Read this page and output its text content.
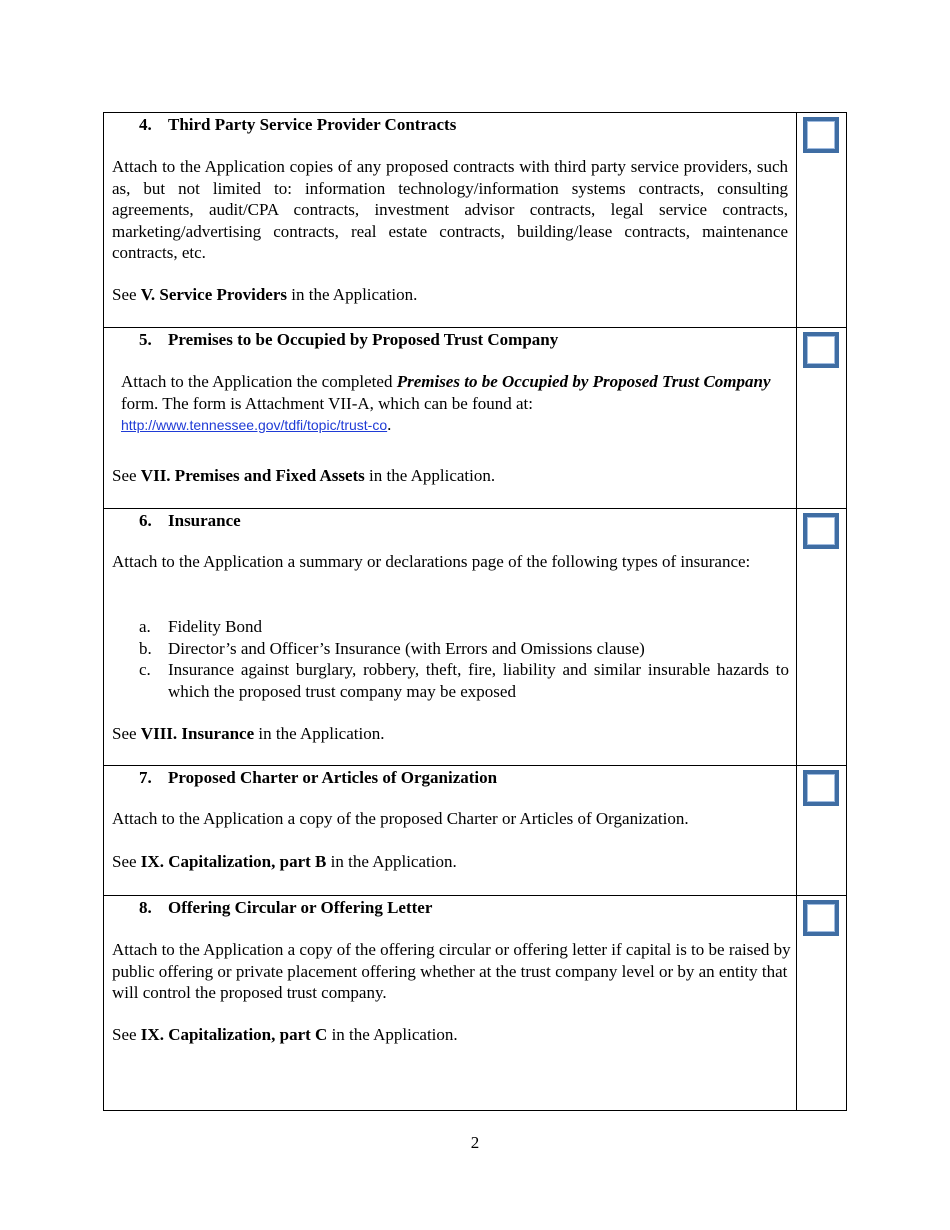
4. Third Party Service Provider Contracts

Attach to the Application copies of any proposed contracts with third party service providers, such as, but not limited to: information technology/information systems contracts, consulting agreements, audit/CPA contracts, investment advisor contracts, legal service contracts, marketing/advertising contracts, real estate contracts, building/lease contracts, maintenance contracts, etc.

See V. Service Providers in the Application.

5. Premises to be Occupied by Proposed Trust Company

Attach to the Application the completed Premises to be Occupied by Proposed Trust Company form. The form is Attachment VII-A, which can be found at:
http://www.tennessee.gov/tdfi/topic/trust-co.

See VII. Premises and Fixed Assets in the Application.

6. Insurance

Attach to the Application a summary or declarations page of the following types of insurance:

a. Fidelity Bond
b. Director’s and Officer’s Insurance (with Errors and Omissions clause)
c. Insurance against burglary, robbery, theft, fire, liability and similar insurable hazards to which the proposed trust company may be exposed

See VIII. Insurance in the Application.

7. Proposed Charter or Articles of Organization

Attach to the Application a copy of the proposed Charter or Articles of Organization.

See IX. Capitalization, part B in the Application.

8. Offering Circular or Offering Letter

Attach to the Application a copy of the offering circular or offering letter if capital is to be raised by public offering or private placement offering whether at the trust company level or by an entity that will control the proposed trust company.

See IX. Capitalization, part C in the Application.

2
